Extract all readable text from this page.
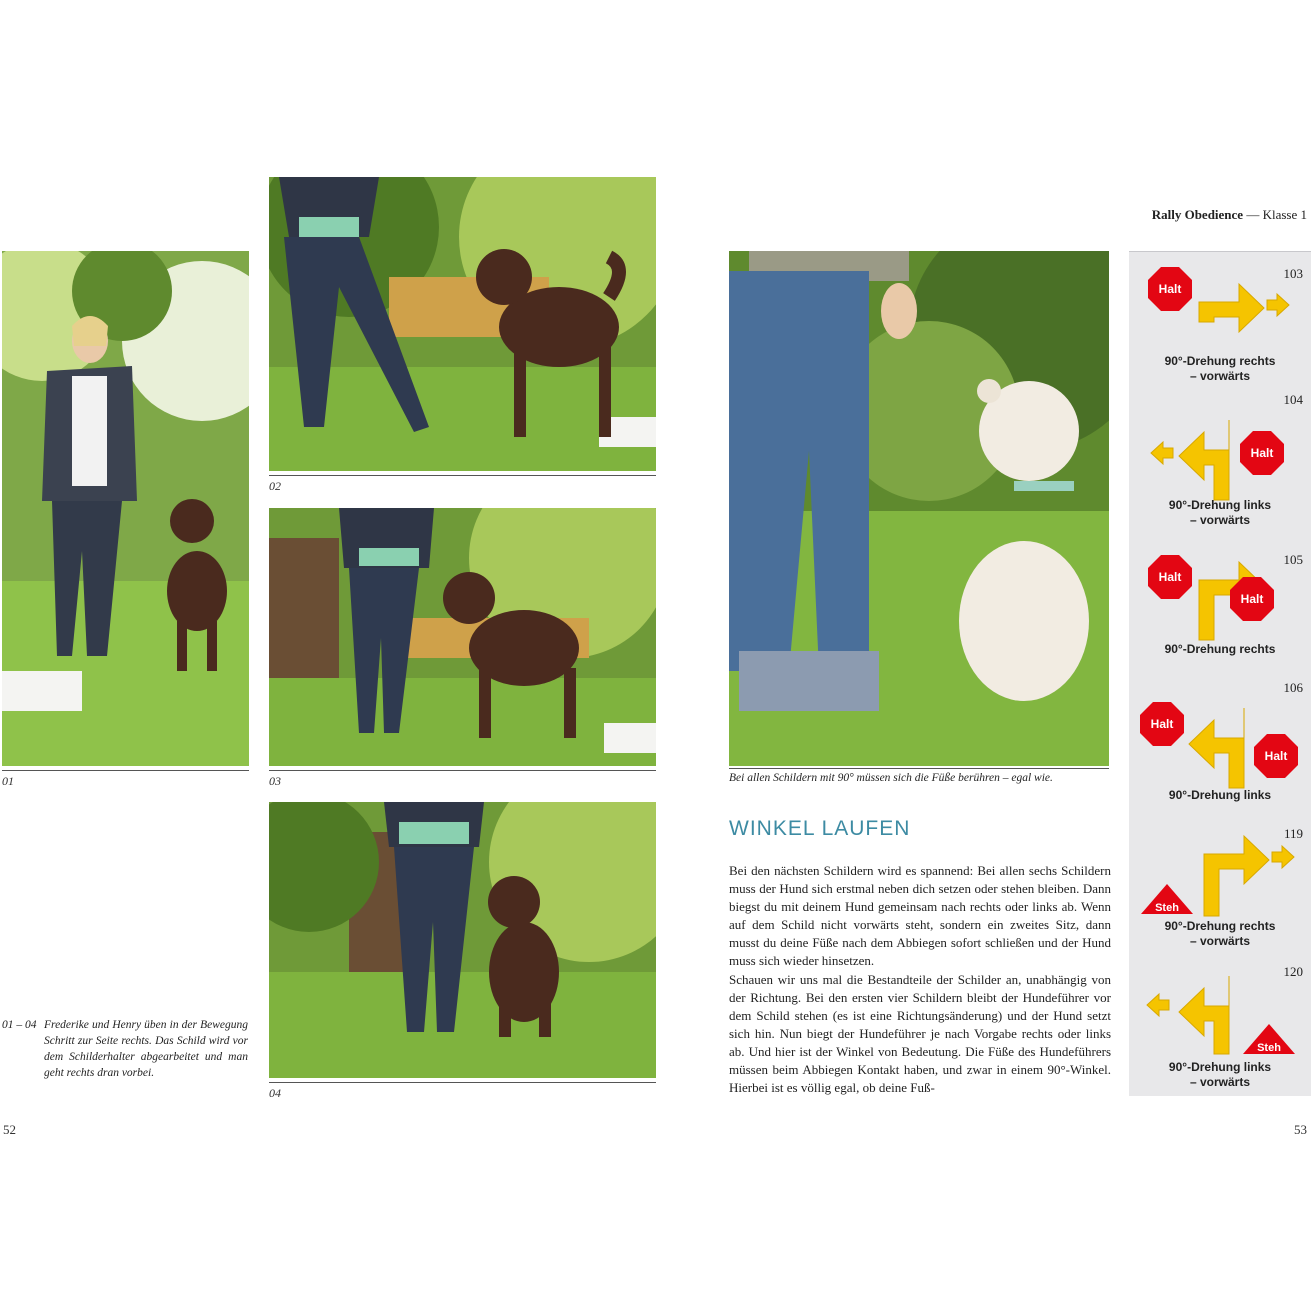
01
02
03
04
01 – 04 Frederike und Henry üben in der Bewegung Schritt zur Seite rechts. Das Schild wird vor dem Schilderhalter abgearbeitet und man geht rechts dran vorbei.
52
Rally Obedience — Klasse 1
Bei allen Schildern mit 90° müssen sich die Füße berühren – egal wie.
WINKEL LAUFEN

Bei den nächsten Schildern wird es spannend: Bei allen sechs Schildern muss der Hund sich erstmal neben dich setzen oder stehen bleiben. Dann biegst du mit deinem Hund gemeinsam nach rechts oder links ab. Wenn auf dem Schild nicht vorwärts steht, sondern ein zweites Sitz, dann musst du deine Füße nach dem Abbiegen sofort schließen und der Hund muss sich wieder hinsetzen.

Schauen wir uns mal die Bestandteile der Schilder an, unabhängig von der Richtung. Bei den ersten vier Schildern bleibt der Hundeführer vor dem Schild stehen (es ist eine Richtungsänderung) und der Hund setzt sich hin. Nun biegt der Hundeführer je nach Vorgabe rechts oder links ab. Und hier ist der Winkel von Bedeutung. Die Füße des Hundeführers müssen beim Abbiegen Kontakt haben, und zwar in einem 90°-Winkel. Hierbei ist es völlig egal, ob deine Fuß-

53
103
Halt
90°-Drehung rechts
– vorwärts
104
Halt
90°-Drehung links
– vorwärts
105
Halt
Halt
90°-Drehung rechts
106
Halt
Halt
90°-Drehung links
119
Steh
90°-Drehung rechts
– vorwärts
120
Steh
90°-Drehung links
– vorwärts
